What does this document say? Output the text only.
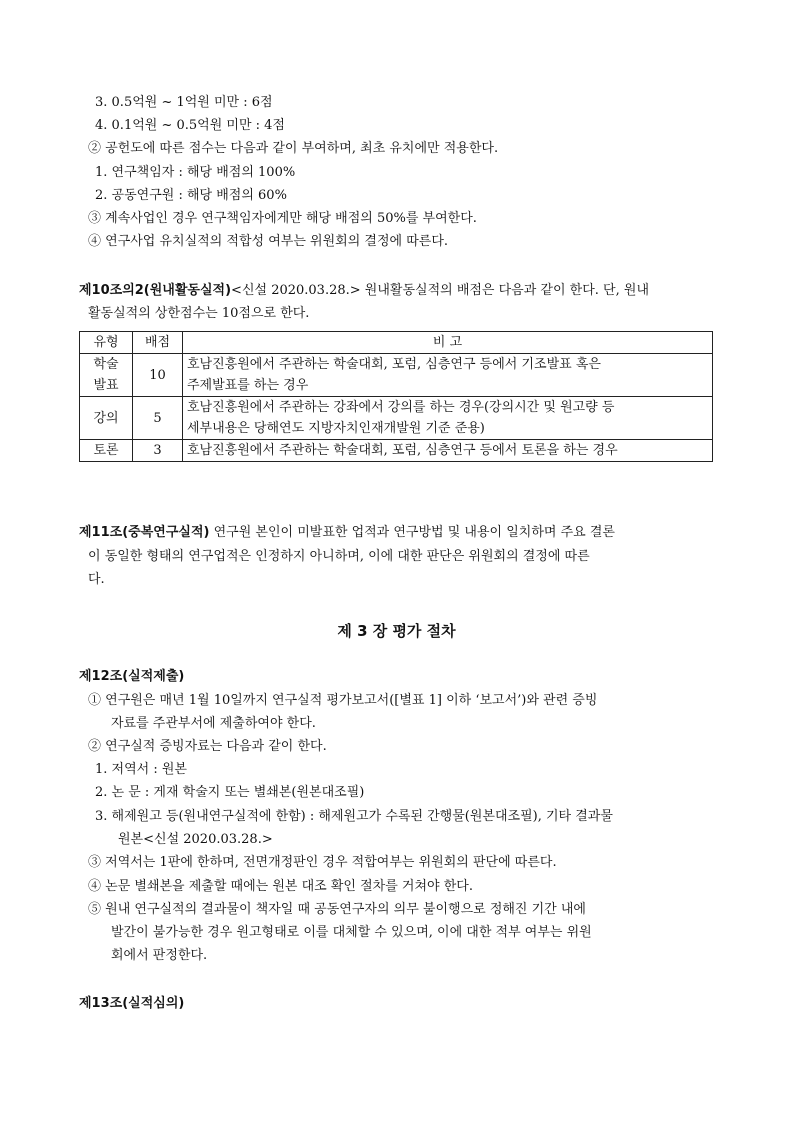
3. 0.5억원 ~ 1억원 미만 : 6점
4. 0.1억원 ~ 0.5억원 미만 : 4점
② 공헌도에 따른 점수는 다음과 같이 부여하며, 최초 유치에만 적용한다.
1. 연구책임자 : 해당 배점의 100%
2. 공동연구원 : 해당 배점의 60%
③ 계속사업인 경우 연구책임자에게만 해당 배점의 50%를 부여한다.
④ 연구사업 유치실적의 적합성 여부는 위원회의 결정에 따른다.
제10조의2(원내활동실적)<신설 2020.03.28.> 원내활동실적의 배점은 다음과 같이 한다. 단, 원내
활동실적의 상한점수는 10점으로 한다.
유형	배점	비 고
학술
발표	10	호남진흥원에서 주관하는 학술대회, 포럼, 심층연구 등에서 기조발표 혹은
주제발표를 하는 경우
강의	5	호남진흥원에서 주관하는 강좌에서 강의를 하는 경우(강의시간 및 원고량 등
세부내용은 당해연도 지방자치인재개발원 기준 준용)
토론	3	호남진흥원에서 주관하는 학술대회, 포럼, 심층연구 등에서 토론을 하는 경우
제11조(중복연구실적) 연구원 본인이 미발표한 업적과 연구방법 및 내용이 일치하며 주요 결론
이 동일한 형태의 연구업적은 인정하지 아니하며, 이에 대한 판단은 위원회의 결정에 따른
다.
제 3 장 평가 절차
제12조(실적제출)
① 연구원은 매년 1월 10일까지 연구실적 평가보고서([별표 1] 이하 ‘보고서’)와 관련 증빙
자료를 주관부서에 제출하여야 한다.
② 연구실적 증빙자료는 다음과 같이 한다.
1. 저역서 : 원본
2. 논 문 : 게재 학술지 또는 별쇄본(원본대조필)
3. 해제원고 등(원내연구실적에 한함) : 해제원고가 수록된 간행물(원본대조필), 기타 결과물
원본<신설 2020.03.28.>
③ 저역서는 1판에 한하며, 전면개정판인 경우 적합여부는 위원회의 판단에 따른다.
④ 논문 별쇄본을 제출할 때에는 원본 대조 확인 절차를 거쳐야 한다.
⑤ 원내 연구실적의 결과물이 책자일 때 공동연구자의 의무 불이행으로 정해진 기간 내에
발간이 불가능한 경우 원고형태로 이를 대체할 수 있으며, 이에 대한 적부 여부는 위원
회에서 판정한다.
제13조(실적심의)
